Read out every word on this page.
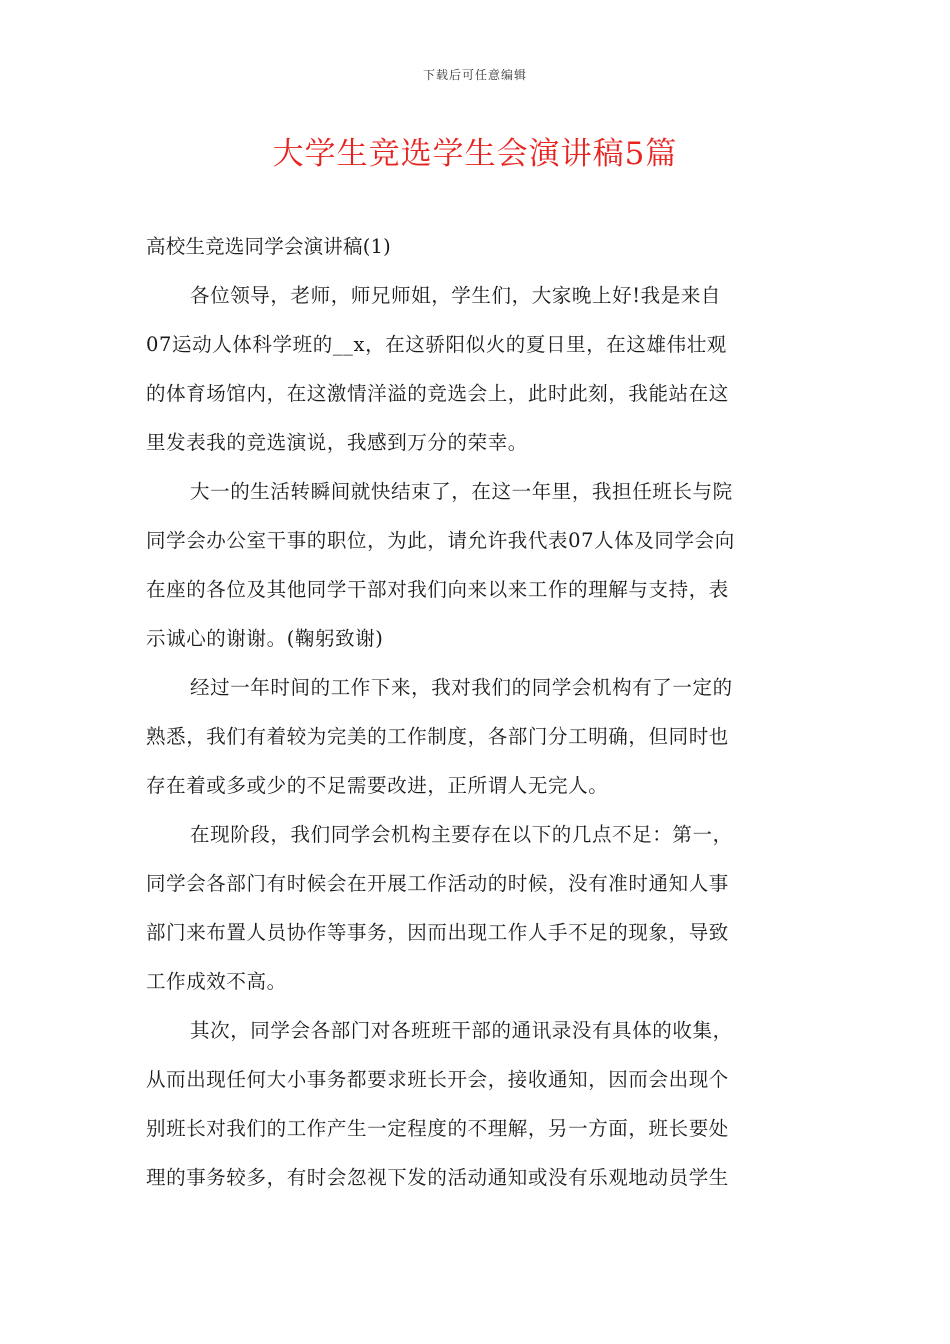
下载后可任意编辑
大学生竞选学生会演讲稿5篇
高校生竞选同学会演讲稿(1)
各位领导，老师，师兄师姐，学生们，大家晚上好!我是来自
07运动人体科学班的__x，在这骄阳似火的夏日里，在这雄伟壮观
的体育场馆内，在这激情洋溢的竞选会上，此时此刻，我能站在这
里发表我的竞选演说，我感到万分的荣幸。
大一的生活转瞬间就快结束了，在这一年里，我担任班长与院
同学会办公室干事的职位，为此，请允许我代表07人体及同学会向
在座的各位及其他同学干部对我们向来以来工作的理解与支持，表
示诚心的谢谢。(鞠躬致谢)
经过一年时间的工作下来，我对我们的同学会机构有了一定的
熟悉，我们有着较为完美的工作制度，各部门分工明确，但同时也
存在着或多或少的不足需要改进，正所谓人无完人。
在现阶段，我们同学会机构主要存在以下的几点不足：第一，
同学会各部门有时候会在开展工作活动的时候，没有准时通知人事
部门来布置人员协作等事务，因而出现工作人手不足的现象，导致
工作成效不高。
其次，同学会各部门对各班班干部的通讯录没有具体的收集，
从而出现任何大小事务都要求班长开会，接收通知，因而会出现个
别班长对我们的工作产生一定程度的不理解，另一方面，班长要处
理的事务较多，有时会忽视下发的活动通知或没有乐观地动员学生
